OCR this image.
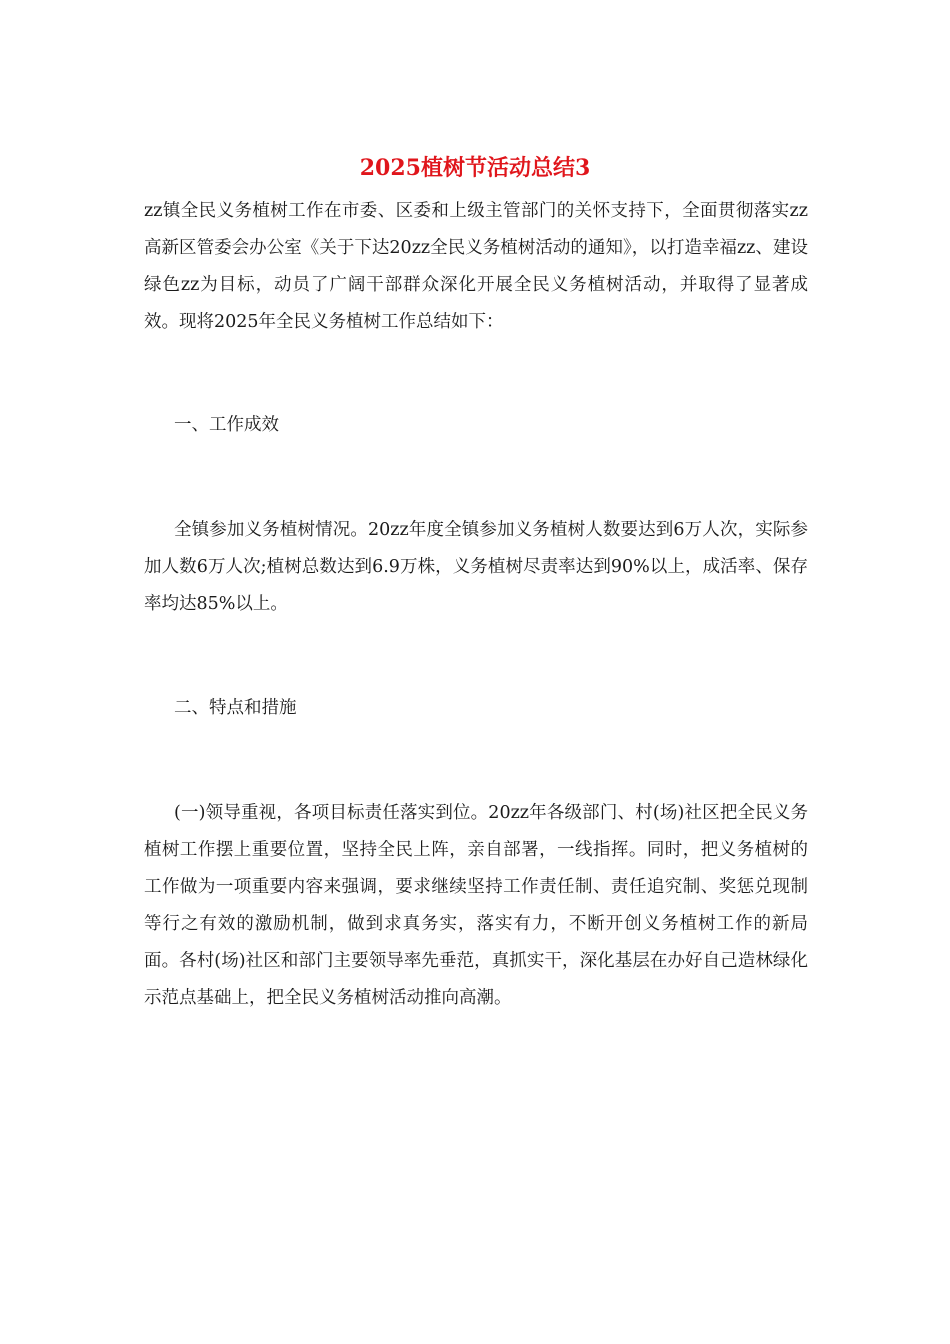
2025植树节活动总结3

zz镇全民义务植树工作在市委、区委和上级主管部门的关怀支持下，全面贯彻落实zz高新区管委会办公室《关于下达20zz全民义务植树活动的通知》，以打造幸福zz、建设绿色zz为目标，动员了广阔干部群众深化开展全民义务植树活动，并取得了显著成效。现将2025年全民义务植树工作总结如下：

一、工作成效

全镇参加义务植树情况。20zz年度全镇参加义务植树人数要达到6万人次，实际参加人数6万人次;植树总数达到6.9万株，义务植树尽责率达到90%以上，成活率、保存率均达85%以上。

二、特点和措施

(一)领导重视，各项目标责任落实到位。20zz年各级部门、村(场)社区把全民义务植树工作摆上重要位置，坚持全民上阵，亲自部署，一线指挥。同时，把义务植树的工作做为一项重要内容来强调，要求继续坚持工作责任制、责任追究制、奖惩兑现制等行之有效的激励机制，做到求真务实，落实有力，不断开创义务植树工作的新局面。各村(场)社区和部门主要领导率先垂范，真抓实干，深化基层在办好自己造林绿化示范点基础上，把全民义务植树活动推向高潮。
